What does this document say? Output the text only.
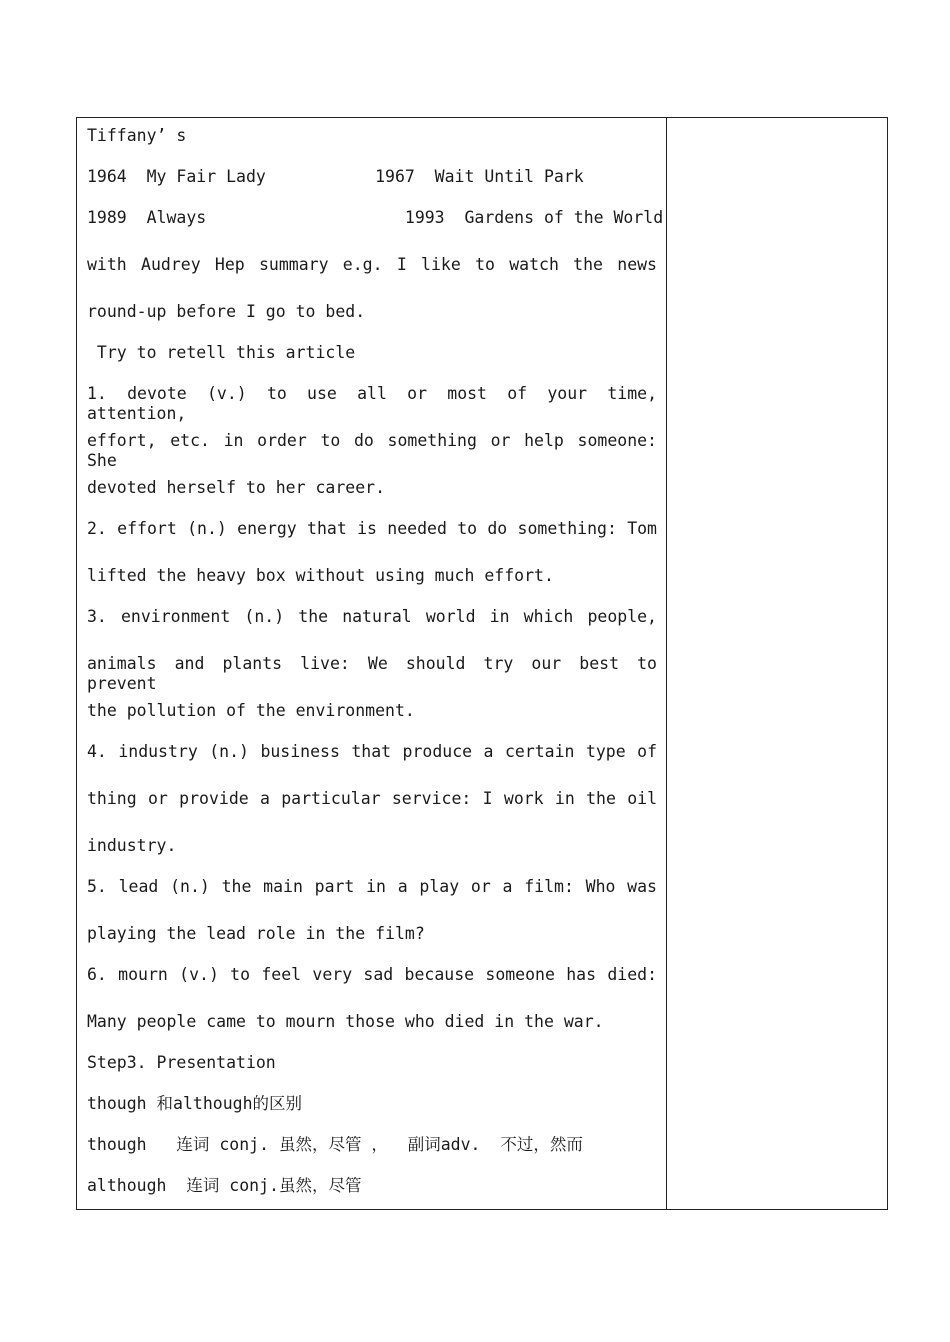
Tiffany’ s
1964  My Fair Lady           1967  Wait Until Park
1989  Always                    1993  Gardens of the World
with Audrey Hep summary e.g. I like to watch the news
round-up before I go to bed.
Try to retell this article
1. devote (v.) to use all or most of your time, attention,
effort, etc. in order to do something or help someone: She
devoted herself to her career.
2. effort (n.) energy that is needed to do something: Tom
lifted the heavy box without using much effort.
3. environment (n.) the natural world in which people,
animals and plants live: We should try our best to prevent
the pollution of the environment.
4. industry (n.) business that produce a certain type of
thing or provide a particular service: I work in the oil
industry.
5. lead (n.) the main part in a play or a film: Who was
playing the lead role in the film?
6. mourn (v.) to feel very sad because someone has died:
Many people came to mourn those who died in the war.
Step3. Presentation
though 和although的区别
though   连词 conj. 虽然，尽管 ，  副词adv.  不过，然而
although  连词 conj.虽然，尽管
